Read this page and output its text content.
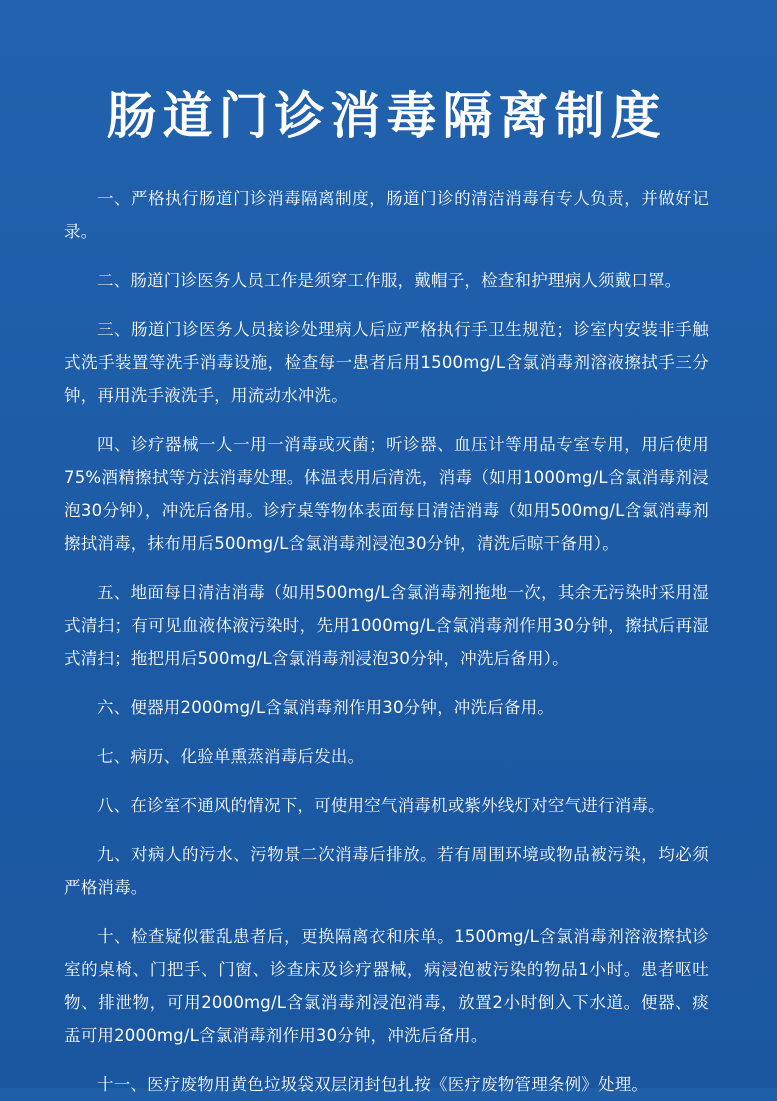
肠道门诊消毒隔离制度

一、严格执行肠道门诊消毒隔离制度，肠道门诊的清洁消毒有专人负责，并做好记录。

二、肠道门诊医务人员工作是须穿工作服，戴帽子，检查和护理病人须戴口罩。

三、肠道门诊医务人员接诊处理病人后应严格执行手卫生规范；诊室内安装非手触式洗手装置等洗手消毒设施，检查每一患者后用1500mg/L含氯消毒剂溶液擦拭手三分钟，再用洗手液洗手，用流动水冲洗。

四、诊疗器械一人一用一消毒或灭菌；听诊器、血压计等用品专室专用，用后使用75%酒精擦拭等方法消毒处理。体温表用后清洗，消毒（如用1000mg/L含氯消毒剂浸泡30分钟），冲洗后备用。诊疗桌等物体表面每日清洁消毒（如用500mg/L含氯消毒剂擦拭消毒，抹布用后500mg/L含氯消毒剂浸泡30分钟，清洗后晾干备用）。

五、地面每日清洁消毒（如用500mg/L含氯消毒剂拖地一次，其余无污染时采用湿式清扫；有可见血液体液污染时，先用1000mg/L含氯消毒剂作用30分钟，擦拭后再湿式清扫；拖把用后500mg/L含氯消毒剂浸泡30分钟，冲洗后备用）。

六、便器用2000mg/L含氯消毒剂作用30分钟，冲洗后备用。

七、病历、化验单熏蒸消毒后发出。

八、在诊室不通风的情况下，可使用空气消毒机或紫外线灯对空气进行消毒。

九、对病人的污水、污物景二次消毒后排放。若有周围环境或物品被污染，均必须严格消毒。

十、检查疑似霍乱患者后，更换隔离衣和床单。1500mg/L含氯消毒剂溶液擦拭诊室的桌椅、门把手、门窗、诊查床及诊疗器械，病浸泡被污染的物品1小时。患者呕吐物、排泄物，可用2000mg/L含氯消毒剂浸泡消毒，放置2小时倒入下水道。便器、痰盂可用2000mg/L含氯消毒剂作用30分钟，冲洗后备用。

十一、医疗废物用黄色垃圾袋双层闭封包扎按《医疗废物管理条例》处理。
